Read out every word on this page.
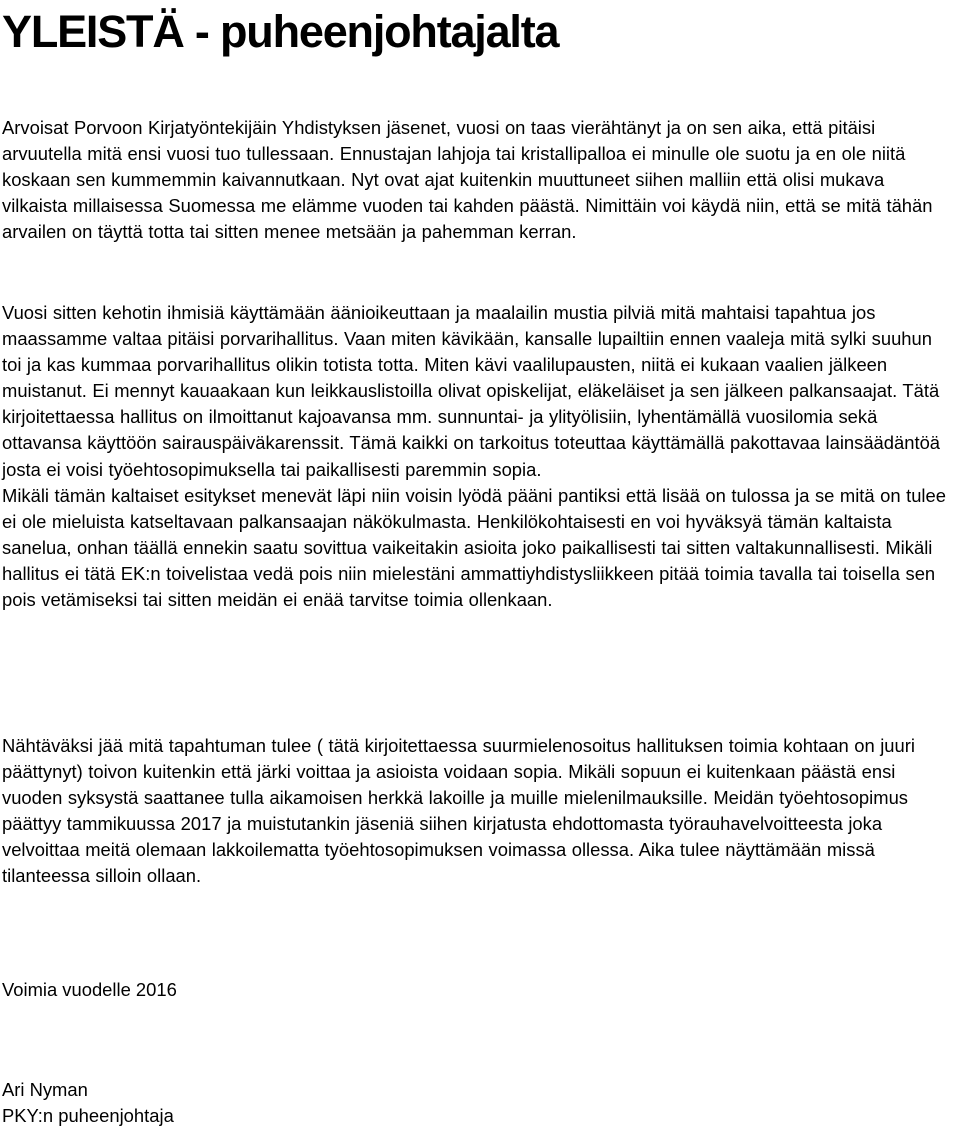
YLEISTÄ - puheenjohtajalta

Arvoisat Porvoon Kirjatyöntekijäin Yhdistyksen jäsenet, vuosi on taas vierähtänyt ja on sen aika, että pitäisi arvuutella mitä ensi vuosi tuo tullessaan. Ennustajan lahjoja tai kristallipalloa ei minulle ole suotu ja en ole niitä koskaan sen kummemmin kaivannutkaan. Nyt ovat ajat kuitenkin muuttuneet siihen malliin että olisi mukava vilkaista millaisessa Suomessa me elämme vuoden tai kahden päästä. Nimittäin voi käydä niin, että se mitä tähän arvailen on täyttä totta tai sitten menee metsään ja pahemman kerran.

Vuosi sitten kehotin ihmisiä käyttämään äänioikeuttaan ja maalailin mustia pilviä mitä mahtaisi tapahtua jos maassamme valtaa pitäisi porvarihallitus. Vaan miten kävikään, kansalle lupailtiin ennen vaaleja mitä sylki suuhun toi ja kas kummaa porvarihallitus olikin totista totta. Miten kävi vaalilupausten, niitä ei kukaan vaalien jälkeen muistanut. Ei mennyt kauaakaan kun leikkauslistoilla olivat opiskelijat, eläkeläiset ja sen jälkeen palkansaajat. Tätä kirjoitettaessa hallitus on ilmoittanut kajoavansa mm. sunnuntai- ja ylityölisiin, lyhentämällä vuosilomia sekä ottavansa käyttöön sairauspäiväkarenssit. Tämä kaikki on tarkoitus toteuttaa käyttämällä pakottavaa lainsäädäntöä josta ei voisi työehtosopimuksella tai paikallisesti paremmin sopia.
Mikäli tämän kaltaiset esitykset menevät läpi niin voisin lyödä pääni pantiksi että lisää on tulossa ja se mitä on tulee ei ole mieluista katseltavaan palkansaajan näkökulmasta. Henkilökohtaisesti en voi hyväksyä tämän kaltaista sanelua, onhan täällä ennekin saatu sovittua vaikeitakin asioita joko paikallisesti tai sitten valtakunnallisesti. Mikäli hallitus ei tätä EK:n toivelistaa vedä pois niin mielestäni ammattiyhdistysliikkeen pitää toimia tavalla tai toisella sen pois vetämiseksi tai sitten meidän ei enää tarvitse toimia ollenkaan.

Nähtäväksi jää mitä tapahtuman tulee ( tätä kirjoitettaessa suurmielenosoitus hallituksen toimia kohtaan on juuri päättynyt) toivon kuitenkin että järki voittaa ja asioista voidaan sopia. Mikäli sopuun ei kuitenkaan päästä ensi vuoden syksystä saattanee tulla aikamoisen herkkä lakoille ja muille mielenilmauksille. Meidän työehtosopimus päättyy tammikuussa 2017 ja muistutankin jäseniä siihen kirjatusta ehdottomasta työrauhavelvoitteesta joka velvoittaa meitä olemaan lakkoilematta työehtosopimuksen voimassa ollessa. Aika tulee näyttämään missä tilanteessa silloin ollaan.

Voimia vuodelle 2016

Ari Nyman

PKY:n puheenjohtaja
